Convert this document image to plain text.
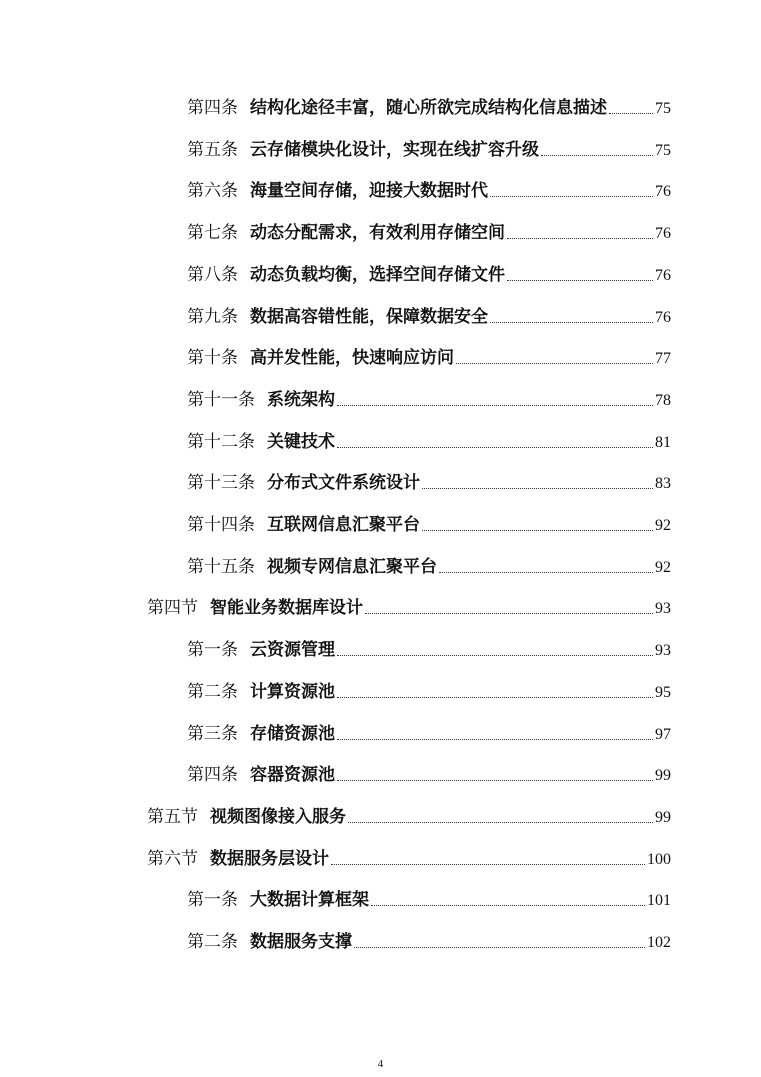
第四条 结构化途径丰富，随心所欲完成结构化信息描述	75
第五条 云存储模块化设计，实现在线扩容升级	75
第六条 海量空间存储，迎接大数据时代	76
第七条 动态分配需求，有效利用存储空间	76
第八条 动态负载均衡，选择空间存储文件	76
第九条 数据高容错性能，保障数据安全	76
第十条 高并发性能，快速响应访问	77
第十一条 系统架构	78
第十二条 关键技术	81
第十三条 分布式文件系统设计	83
第十四条 互联网信息汇聚平台	92
第十五条 视频专网信息汇聚平台	92
第四节 智能业务数据库设计	93
第一条 云资源管理	93
第二条 计算资源池	95
第三条 存储资源池	97
第四条 容器资源池	99
第五节 视频图像接入服务	99
第六节 数据服务层设计	100
第一条 大数据计算框架	101
第二条 数据服务支撑	102
4
